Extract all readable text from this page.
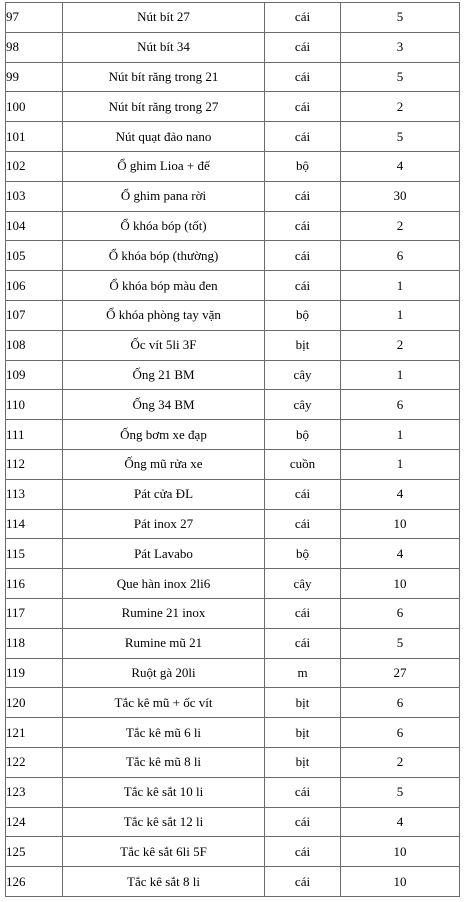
97	Nút bít 27	cái	5
98	Nút bít 34	cái	3
99	Nút bít răng trong 21	cái	5
100	Nút bít răng trong 27	cái	2
101	Nút quạt đảo nano	cái	5
102	Ổ ghim Lioa + đế	bộ	4
103	Ổ ghim pana rời	cái	30
104	Ổ khóa bóp (tốt)	cái	2
105	Ổ khóa bóp (thường)	cái	6
106	Ổ khóa bóp màu đen	cái	1
107	Ổ khóa phòng tay vặn	bộ	1
108	Ốc vít 5li 3F	bịt	2
109	Ống 21 BM	cây	1
110	Ống 34 BM	cây	6
111	Ống bơm xe đạp	bộ	1
112	Ống mũ rửa xe	cuồn	1
113	Pát cửa ĐL	cái	4
114	Pát inox 27	cái	10
115	Pát Lavabo	bộ	4
116	Que hàn inox 2li6	cây	10
117	Rumine 21 inox	cái	6
118	Rumine mũ 21	cái	5
119	Ruột gà 20li	m	27
120	Tắc kê mũ + ốc vít	bịt	6
121	Tắc kê mũ 6 li	bịt	6
122	Tắc kê mũ 8 li	bịt	2
123	Tắc kê sắt 10 li	cái	5
124	Tắc kê sắt 12 li	cái	4
125	Tắc kê sắt 6li 5F	cái	10
126	Tắc kê sắt 8 li	cái	10
